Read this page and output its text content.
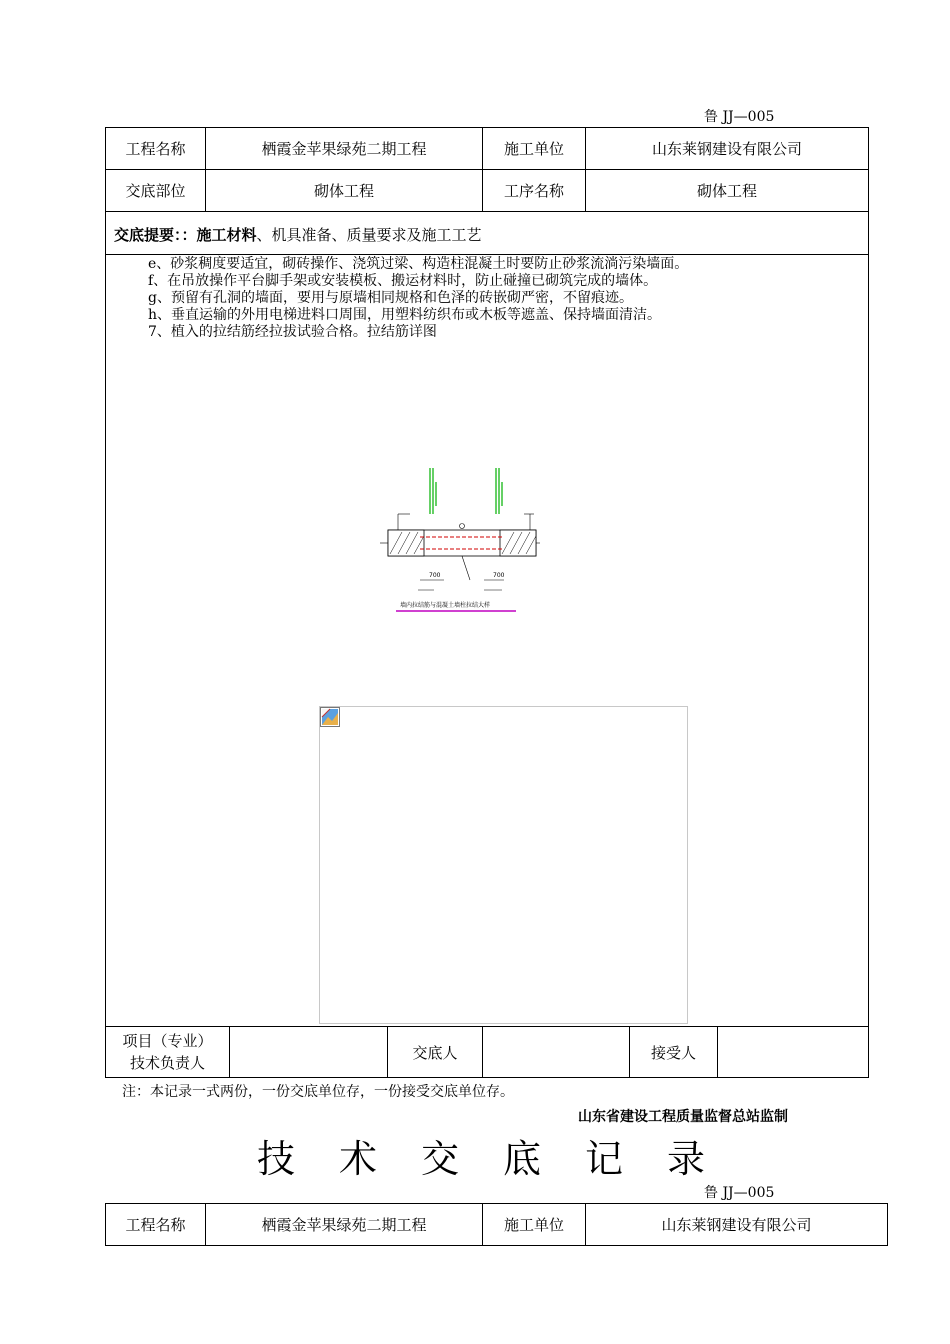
鲁 JJ—005
工程名称	栖霞金苹果绿苑二期工程	施工单位	山东莱钢建设有限公司
交底部位	砌体工程	工序名称	砌体工程
交底提要：：施工材料、机具准备、质量要求及施工工艺
e、砂浆稠度要适宜，砌砖操作、浇筑过梁、构造柱混凝土时要防止砂浆流淌污染墙面。
f、在吊放操作平台脚手架或安装模板、搬运材料时，防止碰撞已砌筑完成的墙体。
g、预留有孔洞的墙面，要用与原墙相同规格和色泽的砖嵌砌严密，不留痕迹。
h、垂直运输的外用电梯进料口周围，用塑料纺织布或木板等遮盖、保持墙面清洁。
7、植入的拉结筋经拉拔试验合格。拉结筋详图
700	700
墙内拉结筋与混凝土墙柱拉结大样
项目（专业）
技术负责人
交底人	接受人
注：本记录一式两份，一份交底单位存，一份接受交底单位存。
山东省建设工程质量监督总站监制
技 术 交 底 记 录
鲁 JJ—005
工程名称	栖霞金苹果绿苑二期工程	施工单位	山东莱钢建设有限公司
